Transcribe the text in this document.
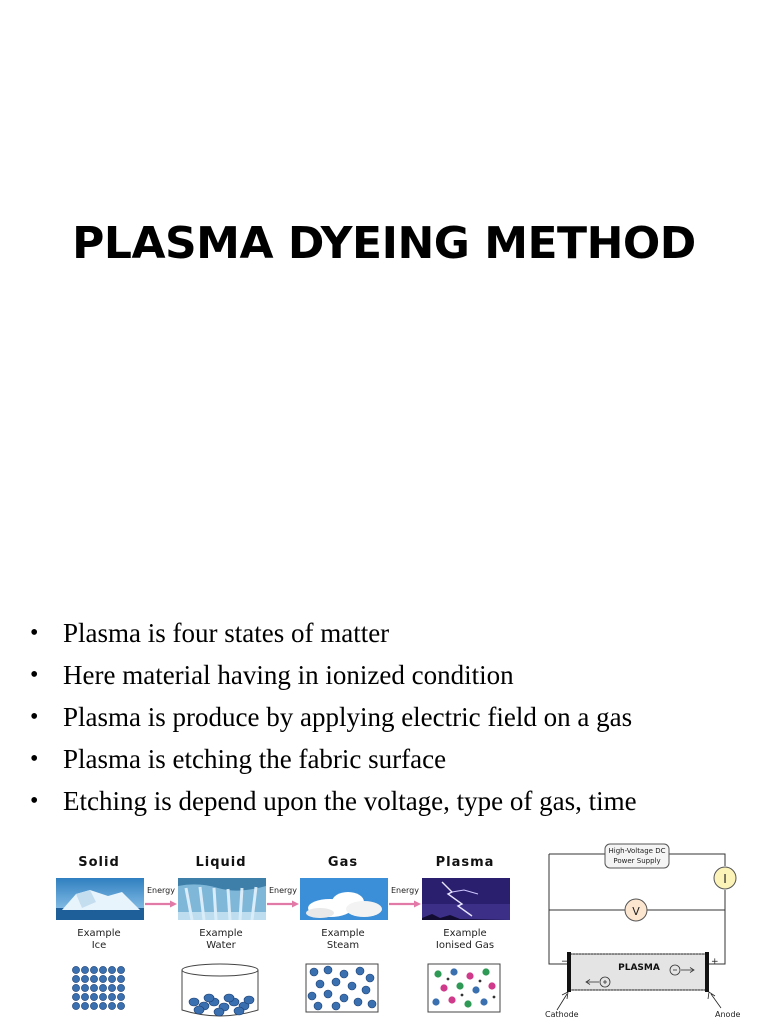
PLASMA DYEING METHOD
• Plasma is four states of matter
• Here material having in ionized condition
• Plasma is produce by applying electric field on a gas
• Plasma is etching the fabric surface
• Etching is depend upon the voltage, type of gas, time
Solid	Liquid	Gas	Plasma
Energy	Energy	Energy
Example
Ice
Example
Water
Example
Steam
Example
Ionised Gas
High-Voltage DC
Power Supply
I
V
−	+
PLASMA
Cathode	Anode
